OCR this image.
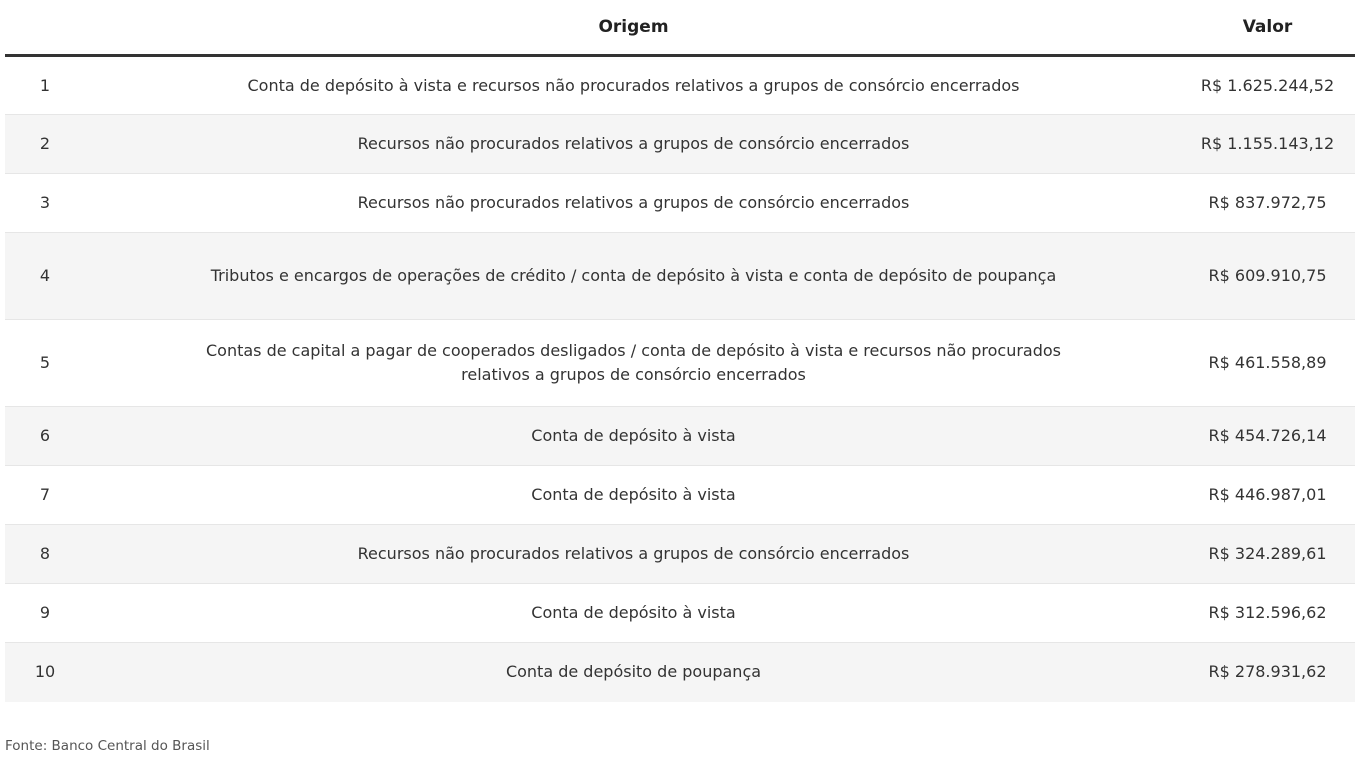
	Origem	Valor
1	Conta de depósito à vista e recursos não procurados relativos a grupos de consórcio encerrados	R$ 1.625.244,52
2	Recursos não procurados relativos a grupos de consórcio encerrados	R$ 1.155.143,12
3	Recursos não procurados relativos a grupos de consórcio encerrados	R$ 837.972,75
4	Tributos e encargos de operações de crédito / conta de depósito à vista e conta de depósito de poupança	R$ 609.910,75
5	Contas de capital a pagar de cooperados desligados / conta de depósito à vista e recursos não procurados relativos a grupos de consórcio encerrados	R$ 461.558,89
6	Conta de depósito à vista	R$ 454.726,14
7	Conta de depósito à vista	R$ 446.987,01
8	Recursos não procurados relativos a grupos de consórcio encerrados	R$ 324.289,61
9	Conta de depósito à vista	R$ 312.596,62
10	Conta de depósito de poupança	R$ 278.931,62
Fonte: Banco Central do Brasil
